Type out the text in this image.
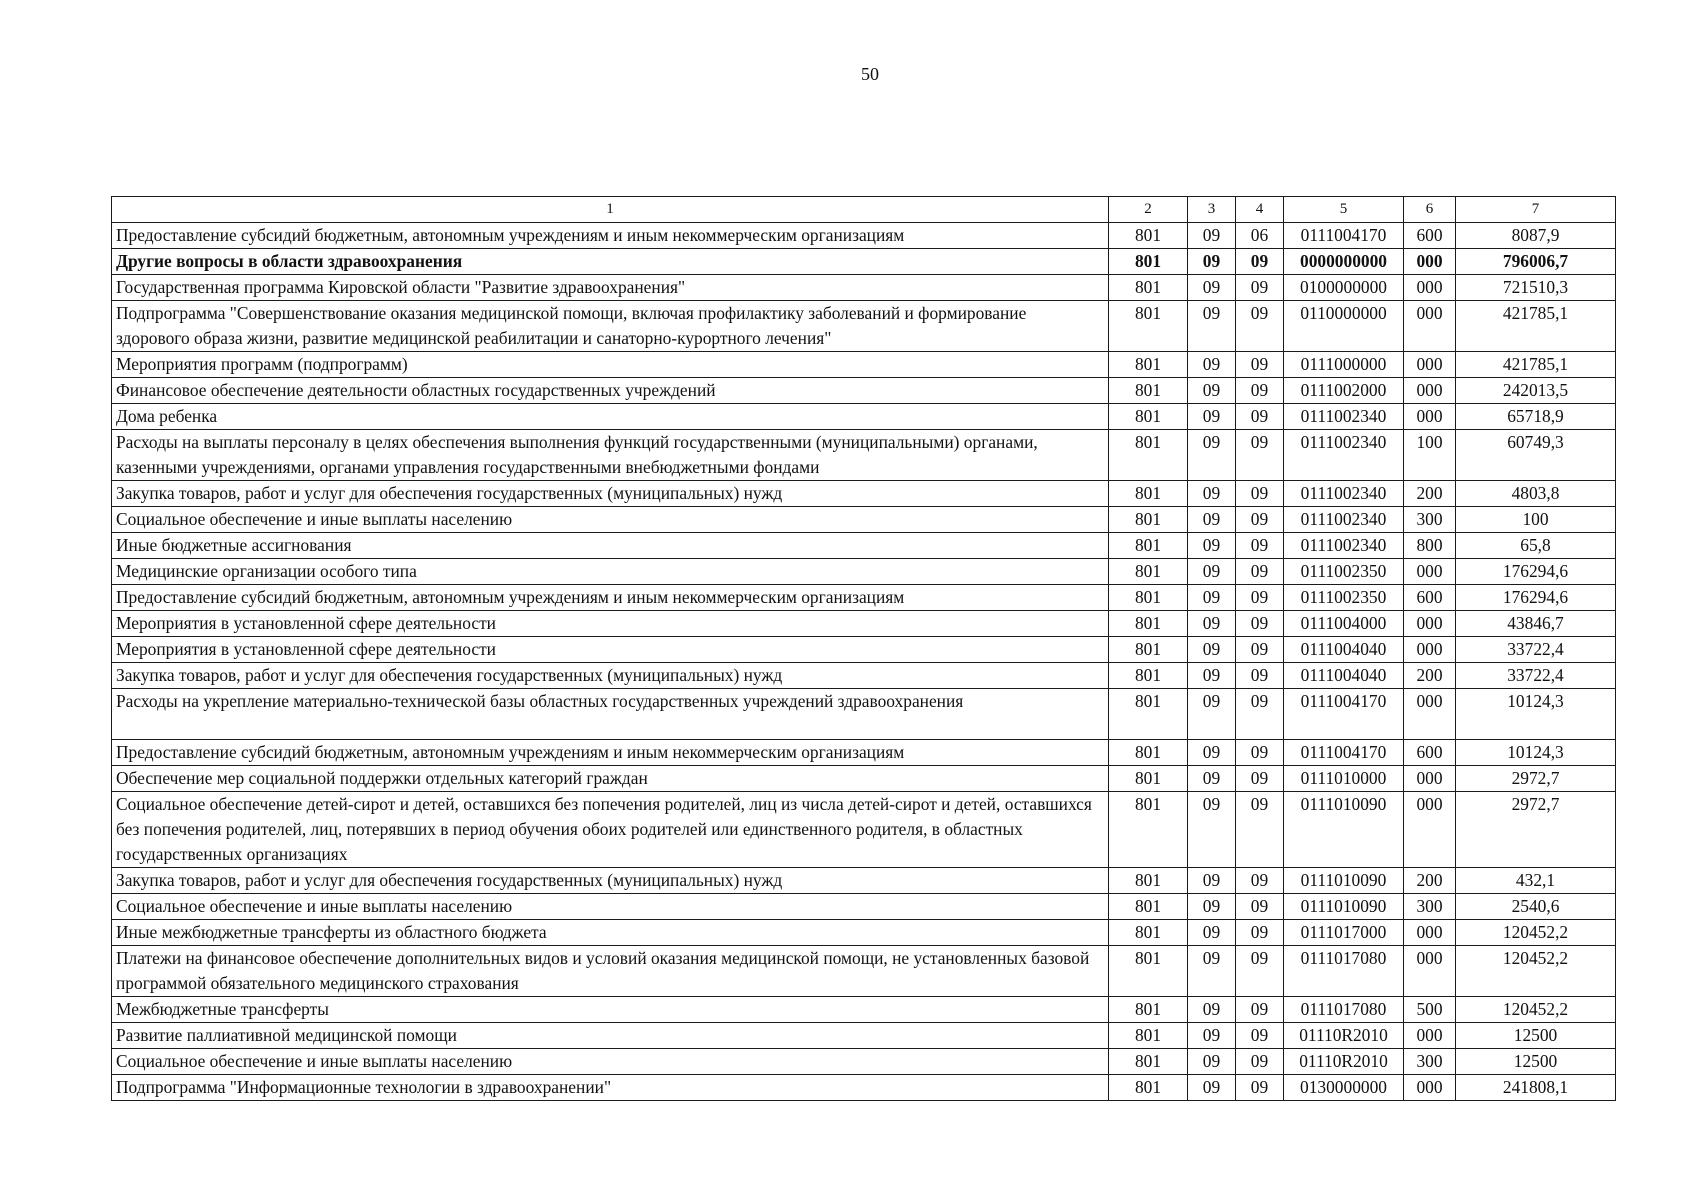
50
1	2	3	4	5	6	7
Предоставление субсидий бюджетным, автономным учреждениям и иным некоммерческим организациям	801	09	06	0111004170	600	8087,9
Другие вопросы в области здравоохранения	801	09	09	0000000000	000	796006,7
Государственная программа Кировской области "Развитие здравоохранения"	801	09	09	0100000000	000	721510,3
Подпрограмма "Совершенствование оказания медицинской помощи, включая профилактику заболеваний и формирование здорового образа жизни, развитие медицинской реабилитации и санаторно-курортного лечения"	801	09	09	0110000000	000	421785,1
Мероприятия программ (подпрограмм)	801	09	09	0111000000	000	421785,1
Финансовое обеспечение деятельности областных государственных учреждений	801	09	09	0111002000	000	242013,5
Дома ребенка	801	09	09	0111002340	000	65718,9
Расходы на выплаты персоналу в целях обеспечения выполнения функций государственными (муниципальными) органами, казенными учреждениями, органами управления государственными внебюджетными фондами	801	09	09	0111002340	100	60749,3
Закупка товаров, работ и услуг для обеспечения государственных (муниципальных) нужд	801	09	09	0111002340	200	4803,8
Социальное обеспечение и иные выплаты населению	801	09	09	0111002340	300	100
Иные бюджетные ассигнования	801	09	09	0111002340	800	65,8
Медицинские организации особого типа	801	09	09	0111002350	000	176294,6
Предоставление субсидий бюджетным, автономным учреждениям и иным некоммерческим организациям	801	09	09	0111002350	600	176294,6
Мероприятия в установленной сфере деятельности	801	09	09	0111004000	000	43846,7
Мероприятия в установленной сфере деятельности	801	09	09	0111004040	000	33722,4
Закупка товаров, работ и услуг для обеспечения государственных (муниципальных) нужд	801	09	09	0111004040	200	33722,4
Расходы на укрепление материально-технической базы областных государственных учреждений здравоохранения	801	09	09	0111004170	000	10124,3
Предоставление субсидий бюджетным, автономным учреждениям и иным некоммерческим организациям	801	09	09	0111004170	600	10124,3
Обеспечение мер социальной поддержки отдельных категорий граждан	801	09	09	0111010000	000	2972,7
Социальное обеспечение детей-сирот и детей, оставшихся без попечения родителей, лиц из числа детей-сирот и детей, оставшихся без попечения родителей, лиц, потерявших в период обучения обоих родителей или единственного родителя, в областных государственных организациях	801	09	09	0111010090	000	2972,7
Закупка товаров, работ и услуг для обеспечения государственных (муниципальных) нужд	801	09	09	0111010090	200	432,1
Социальное обеспечение и иные выплаты населению	801	09	09	0111010090	300	2540,6
Иные межбюджетные трансферты из областного бюджета	801	09	09	0111017000	000	120452,2
Платежи на финансовое обеспечение дополнительных видов и условий оказания медицинской помощи, не установленных базовой программой обязательного медицинского страхования	801	09	09	0111017080	000	120452,2
Межбюджетные трансферты	801	09	09	0111017080	500	120452,2
Развитие паллиативной медицинской помощи	801	09	09	01110R2010	000	12500
Социальное обеспечение и иные выплаты населению	801	09	09	01110R2010	300	12500
Подпрограмма "Информационные технологии в здравоохранении"	801	09	09	0130000000	000	241808,1
